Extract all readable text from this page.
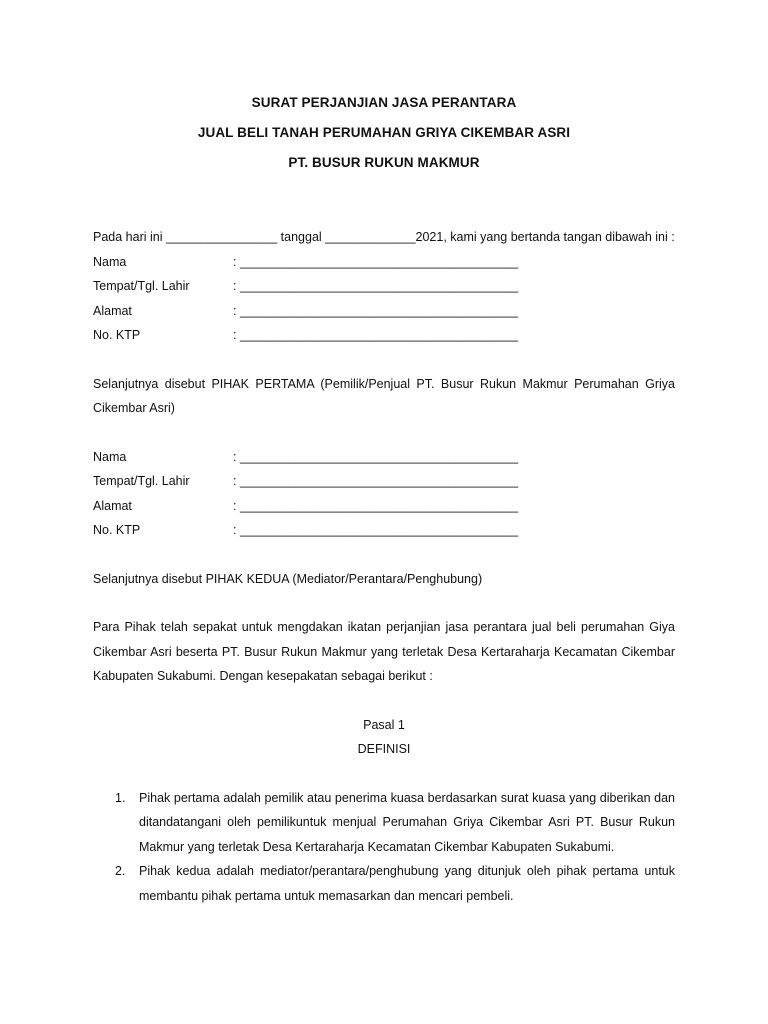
SURAT PERJANJIAN JASA PERANTARA
JUAL BELI TANAH PERUMAHAN GRIYA CIKEMBAR ASRI
PT. BUSUR RUKUN MAKMUR

Pada hari ini ________________ tanggal _____________2021, kami yang bertanda tangan dibawah ini :

Nama	: ________________________________________
Tempat/Tgl. Lahir	: ________________________________________
Alamat	: ________________________________________
No. KTP	: ________________________________________

Selanjutnya disebut PIHAK PERTAMA (Pemilik/Penjual PT. Busur Rukun Makmur Perumahan Griya Cikembar Asri)

Nama	: ________________________________________
Tempat/Tgl. Lahir	: ________________________________________
Alamat	: ________________________________________
No. KTP	: ________________________________________

Selanjutnya disebut PIHAK KEDUA (Mediator/Perantara/Penghubung)

Para Pihak telah sepakat untuk mengdakan ikatan perjanjian jasa perantara jual beli perumahan Giya Cikembar Asri beserta PT. Busur Rukun Makmur yang terletak Desa Kertaraharja Kecamatan Cikembar Kabupaten Sukabumi. Dengan kesepakatan sebagai berikut :

Pasal 1
DEFINISI
1.	Pihak pertama adalah pemilik atau penerima kuasa berdasarkan surat kuasa yang diberikan dan ditandatangani oleh pemilikuntuk menjual Perumahan Griya Cikembar Asri PT. Busur Rukun Makmur yang terletak Desa Kertaraharja Kecamatan Cikembar Kabupaten Sukabumi.
2.	Pihak kedua adalah mediator/perantara/penghubung yang ditunjuk oleh pihak pertama untuk membantu pihak pertama untuk memasarkan dan mencari pembeli.
